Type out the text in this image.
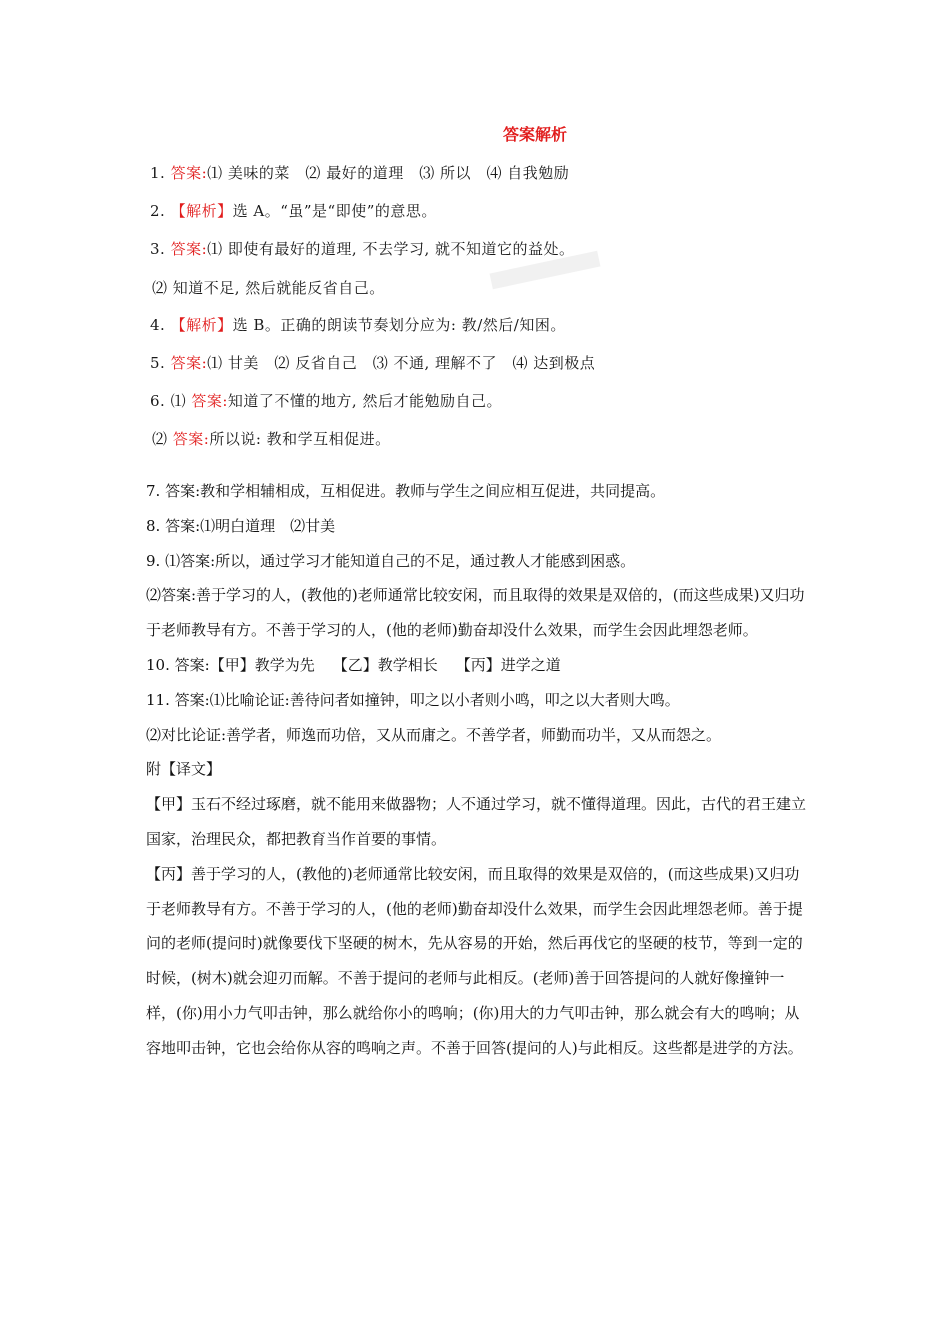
答案解析
1. 答案:⑴ 美味的菜　⑵ 最好的道理　⑶ 所以　⑷ 自我勉励
2. 【解析】选 A。“虽”是“即使”的意思。
3. 答案:⑴ 即使有最好的道理, 不去学习, 就不知道它的益处。
⑵ 知道不足, 然后就能反省自己。
4. 【解析】选 B。正确的朗读节奏划分应为: 教/然后/知困。
5. 答案:⑴ 甘美　⑵ 反省自己　⑶ 不通, 理解不了　⑷ 达到极点
6. ⑴ 答案:知道了不懂的地方, 然后才能勉励自己。
⑵ 答案:所以说: 教和学互相促进。

7. 答案:教和学相辅相成，互相促进。教师与学生之间应相互促进，共同提高。

8. 答案:⑴明白道理　⑵甘美

9. ⑴答案:所以，通过学习才能知道自己的不足，通过教人才能感到困惑。

⑵答案:善于学习的人，(教他的)老师通常比较安闲，而且取得的效果是双倍的，(而这些成果)又归功于老师教导有方。不善于学习的人，(他的老师)勤奋却没什么效果，而学生会因此埋怨老师。

10. 答案:【甲】教学为先 【乙】教学相长 【丙】进学之道

11. 答案:⑴比喻论证:善待问者如撞钟，叩之以小者则小鸣，叩之以大者则大鸣。

⑵对比论证:善学者，师逸而功倍，又从而庸之。不善学者，师勤而功半，又从而怨之。

附【译文】

【甲】玉石不经过琢磨，就不能用来做器物；人不通过学习，就不懂得道理。因此，古代的君王建立国家，治理民众，都把教育当作首要的事情。

【丙】善于学习的人，(教他的)老师通常比较安闲，而且取得的效果是双倍的，(而这些成果)又归功于老师教导有方。不善于学习的人，(他的老师)勤奋却没什么效果，而学生会因此埋怨老师。善于提问的老师(提问时)就像要伐下坚硬的树木，先从容易的开始，然后再伐它的坚硬的枝节，等到一定的时候，(树木)就会迎刃而解。不善于提问的老师与此相反。(老师)善于回答提问的人就好像撞钟一样，(你)用小力气叩击钟，那么就给你小的鸣响；(你)用大的力气叩击钟，那么就会有大的鸣响；从容地叩击钟，它也会给你从容的鸣响之声。不善于回答(提问的人)与此相反。这些都是进学的方法。
